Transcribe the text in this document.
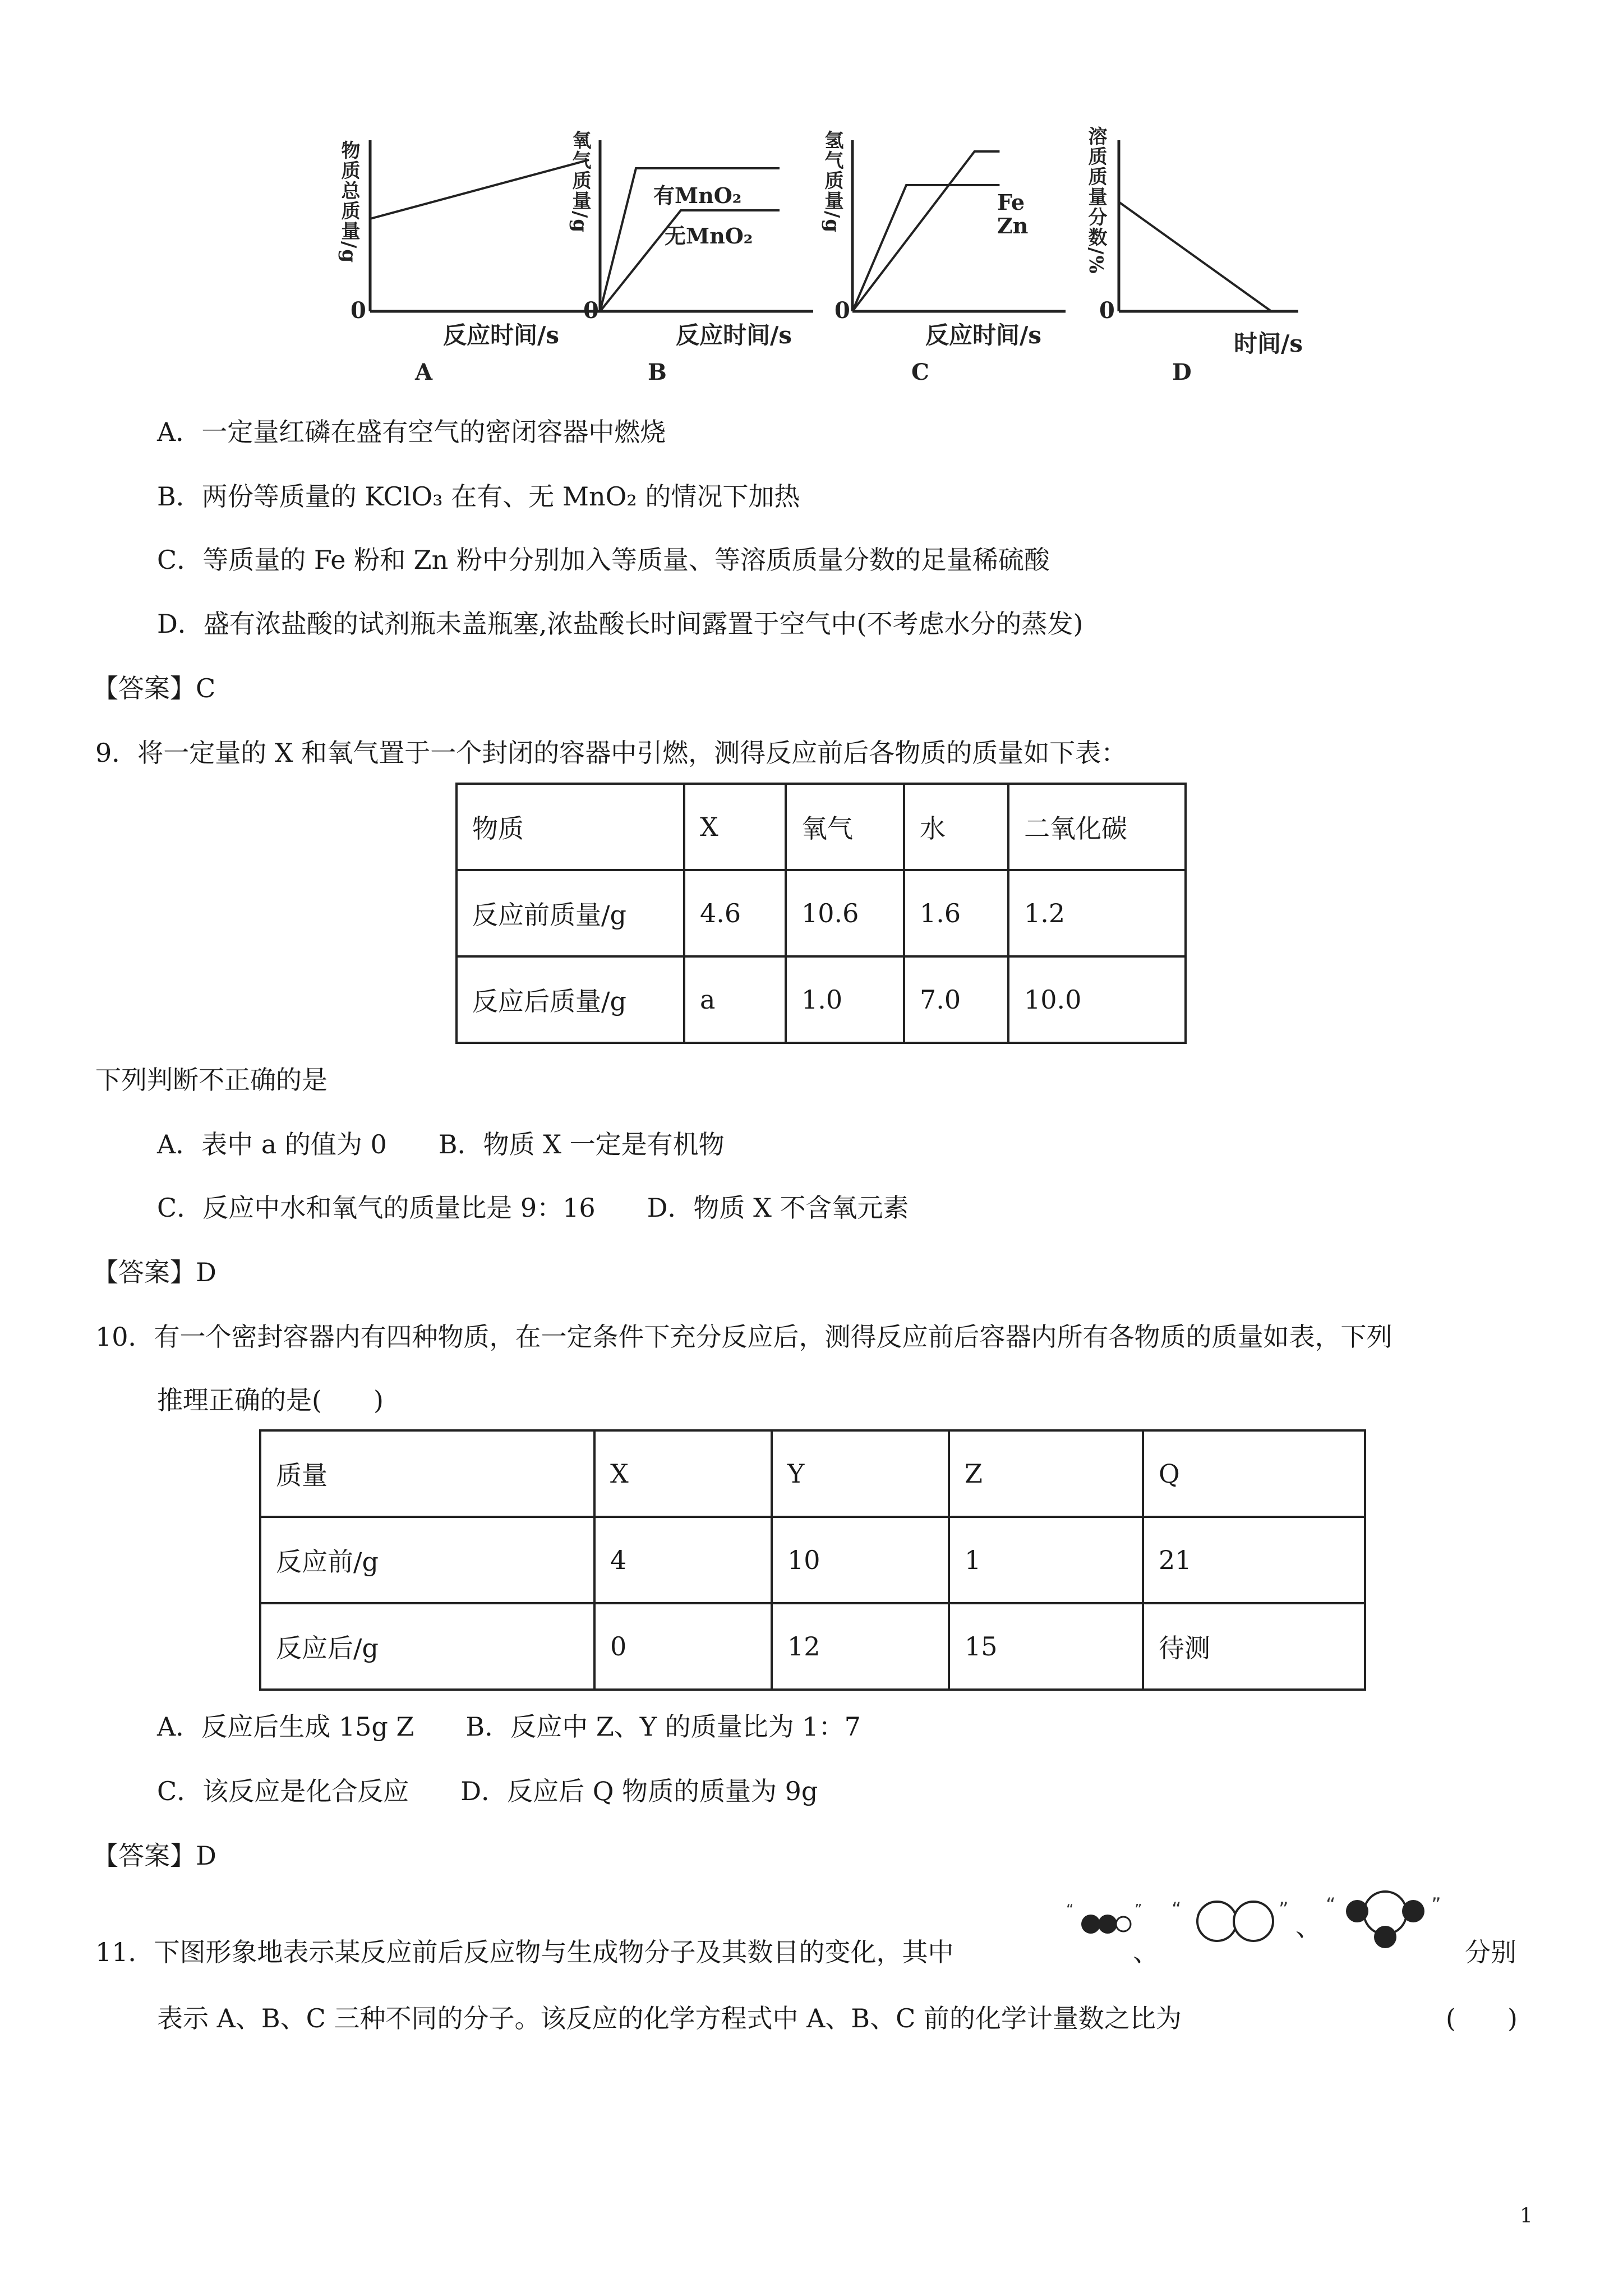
物质总质量/g
0
反应时间/s
A
氧气质量/g
0
反应时间/s
B
有MnO₂
无MnO₂
氢气质量/g
0
反应时间/s
C
Fe
Zn	溶质质量分数/%
0
时间/s
D
A．一定量红磷在盛有空气的密闭容器中燃烧
B．两份等质量的 KClO₃ 在有、无 MnO₂ 的情况下加热
C．等质量的 Fe 粉和 Zn 粉中分别加入等质量、等溶质质量分数的足量稀硫酸
D．盛有浓盐酸的试剂瓶未盖瓶塞,浓盐酸长时间露置于空气中(不考虑水分的蒸发)
【答案】C
9．将一定量的 X 和氧气置于一个封闭的容器中引燃，测得反应前后各物质的质量如下表：
物质	X	氧气	水	二氧化碳
反应前质量/g	4.6	10.6	1.6	1.2
反应后质量/g	a	1.0	7.0	10.0
下列判断不正确的是
A．表中 a 的值为 0　　B．物质 X 一定是有机物
C．反应中水和氧气的质量比是 9：16　　D．物质 X 不含氧元素
【答案】D
10．有一个密封容器内有四种物质，在一定条件下充分反应后，测得反应前后容器内所有各物质的质量如表，下列
推理正确的是(　　)
质量	X	Y	Z	Q
反应前/g	4	10	1	21
反应后/g	0	12	15	待测
A．反应后生成 15g Z　　B．反应中 Z、Y 的质量比为 1：7
C．该反应是化合反应　　D．反应后 Q 物质的质量为 9g
【答案】D
11．下图形象地表示某反应前后反应物与生成物分子及其数目的变化，其中
“	”
、
“	”
、
“	”
分别
表示 A、B、C 三种不同的分子。该反应的化学方程式中 A、B、C 前的化学计量数之比为	(　　)
1
